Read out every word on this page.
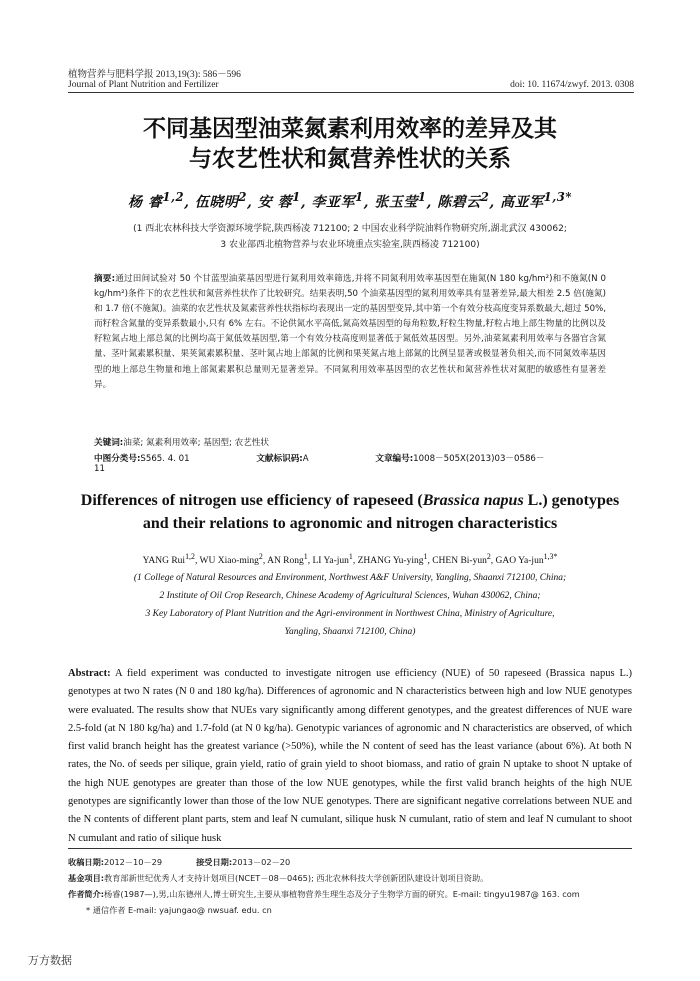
植物营养与肥料学报 2013,19(3): 586－596
Journal of Plant Nutrition and Fertilizer	doi: 10. 11674/zwyf. 2013. 0308
不同基因型油菜氮素利用效率的差异及其
与农艺性状和氮营养性状的关系
杨 睿$^{1,2}$, 伍晓明$^2$, 安 蓉$^1$, 李亚军$^1$, 张玉莹$^1$, 陈碧云$^2$, 高亚军$^{1,3*}$
(1 西北农林科技大学资源环境学院,陕西杨凌 712100; 2 中国农业科学院油料作物研究所,湖北武汉 430062;
3 农业部西北植物营养与农业环境重点实验室,陕西杨凌 712100)
摘要:通过田间试验对 50 个甘蓝型油菜基因型进行氮利用效率筛选,并将不同氮利用效率基因型在施氮(N 180 kg/hm²)和不施氮(N 0 kg/hm²)条件下的农艺性状和氮营养性状作了比较研究。结果表明,50 个油菜基因型的氮利用效率具有显著差异,最大相差 2.5 倍(施氮)和 1.7 倍(不施氮)。油菜的农艺性状及氮素营养性状指标均表现出一定的基因型变异,其中第一个有效分枝高度变异系数最大,超过 50%,而籽粒含氮量的变异系数最小,只有 6% 左右。不论供氮水平高低,氮高效基因型的每角粒数,籽粒生物量,籽粒占地上部生物量的比例以及籽粒氮占地上部总氮的比例均高于氮低效基因型,第一个有效分枝高度则显著低于氮低效基因型。另外,油菜氮素利用效率与各器官含氮量、茎叶氮素累积量、果荚氮素累积量、茎叶氮占地上部氮的比例和果荚氮占地上部氮的比例呈显著或极显著负相关,而不同氮效率基因型的地上部总生物量和地上部氮素累积总量则无显著差异。不同氮利用效率基因型的农艺性状和氮营养性状对氮肥的敏感性有显著差异。
关键词:油菜; 氮素利用效率; 基因型; 农艺性状
中图分类号:S565. 4. 01	文献标识码:A	文章编号:1008－505X(2013)03－0586－11
Differences of nitrogen use efficiency of rapeseed (Brassica napus L.) genotypes
and their relations to agronomic and nitrogen characteristics
YANG Rui$^{1,2}$, WU Xiao-ming$^2$, AN Rong$^1$, LI Ya-jun$^1$, ZHANG Yu-ying$^1$, CHEN Bi-yun$^2$, GAO Ya-jun$^{1,3*}$
(1 College of Natural Resources and Environment, Northwest A&F University, Yangling, Shaanxi 712100, China;
2 Institute of Oil Crop Research, Chinese Academy of Agricultural Sciences, Wuhan 430062, China;
3 Key Laboratory of Plant Nutrition and the Agri-environment in Northwest China, Ministry of Agriculture,
Yangling, Shaanxi 712100, China)
Abstract: A field experiment was conducted to investigate nitrogen use efficiency (NUE) of 50 rapeseed (Brassica napus L.) genotypes at two N rates (N 0 and 180 kg/ha). Differences of agronomic and N characteristics between high and low NUE genotypes were evaluated. The results show that NUEs vary significantly among different genotypes, and the greatest differences of NUE ware 2.5-fold (at N 180 kg/ha) and 1.7-fold (at N 0 kg/ha). Genotypic variances of agronomic and N characteristics are observed, of which first valid branch height has the greatest variance (>50%), while the N content of seed has the least variance (about 6%). At both N rates, the No. of seeds per silique, grain yield, ratio of grain yield to shoot biomass, and ratio of grain N uptake to shoot N uptake of the high NUE genotypes are greater than those of the low NUE genotypes, while the first valid branch heights of the high NUE genotypes are significantly lower than those of the low NUE genotypes. There are significant negative correlations between NUE and the N contents of different plant parts, stem and leaf N cumulant, silique husk N cumulant, ratio of stem and leaf N cumulant to shoot N cumulant and ratio of silique husk
收稿日期:2012－10－29	接受日期:2013－02－20
基金项目:教育部新世纪优秀人才支持计划项目(NCET－08－0465); 西北农林科技大学创新团队建设计划项目资助。
作者简介:杨睿(1987—),男,山东德州人,博士研究生,主要从事植物营养生理生态及分子生物学方面的研究。E-mail: tingyu1987@ 163. com
* 通信作者 E-mail: yajungao@ nwsuaf. edu. cn
万方数据
